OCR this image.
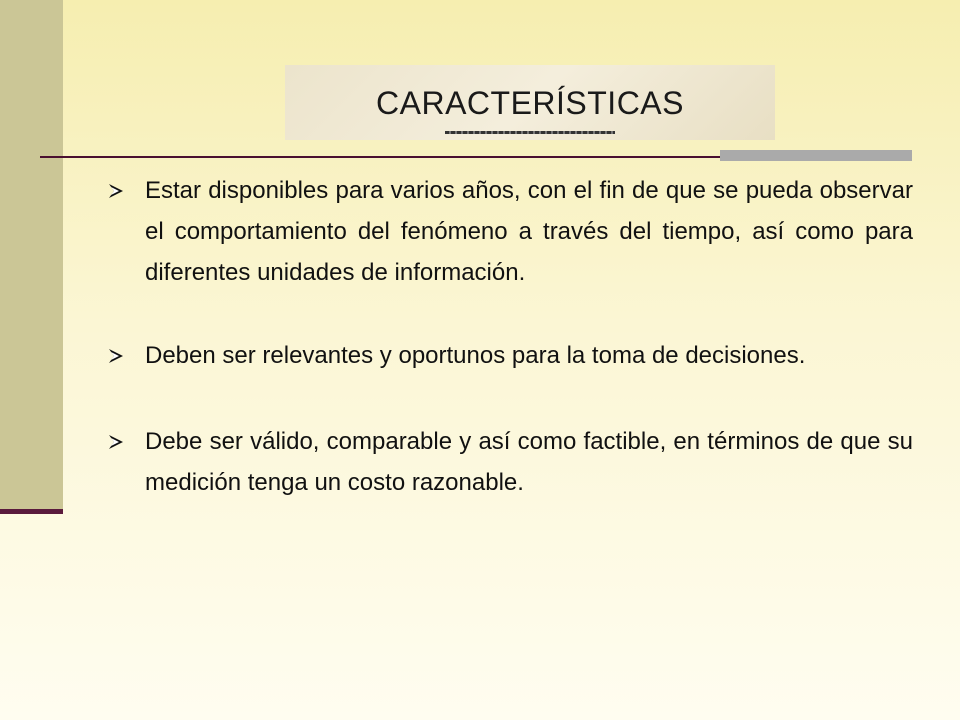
CARACTERÍSTICAS
Estar disponibles para varios años, con el fin de que se pueda observar el comportamiento del fenómeno a través del tiempo, así como para diferentes unidades de información.
Deben ser relevantes y oportunos para la toma de decisiones.
Debe ser válido, comparable y así como factible, en términos de que su medición tenga un costo razonable.
